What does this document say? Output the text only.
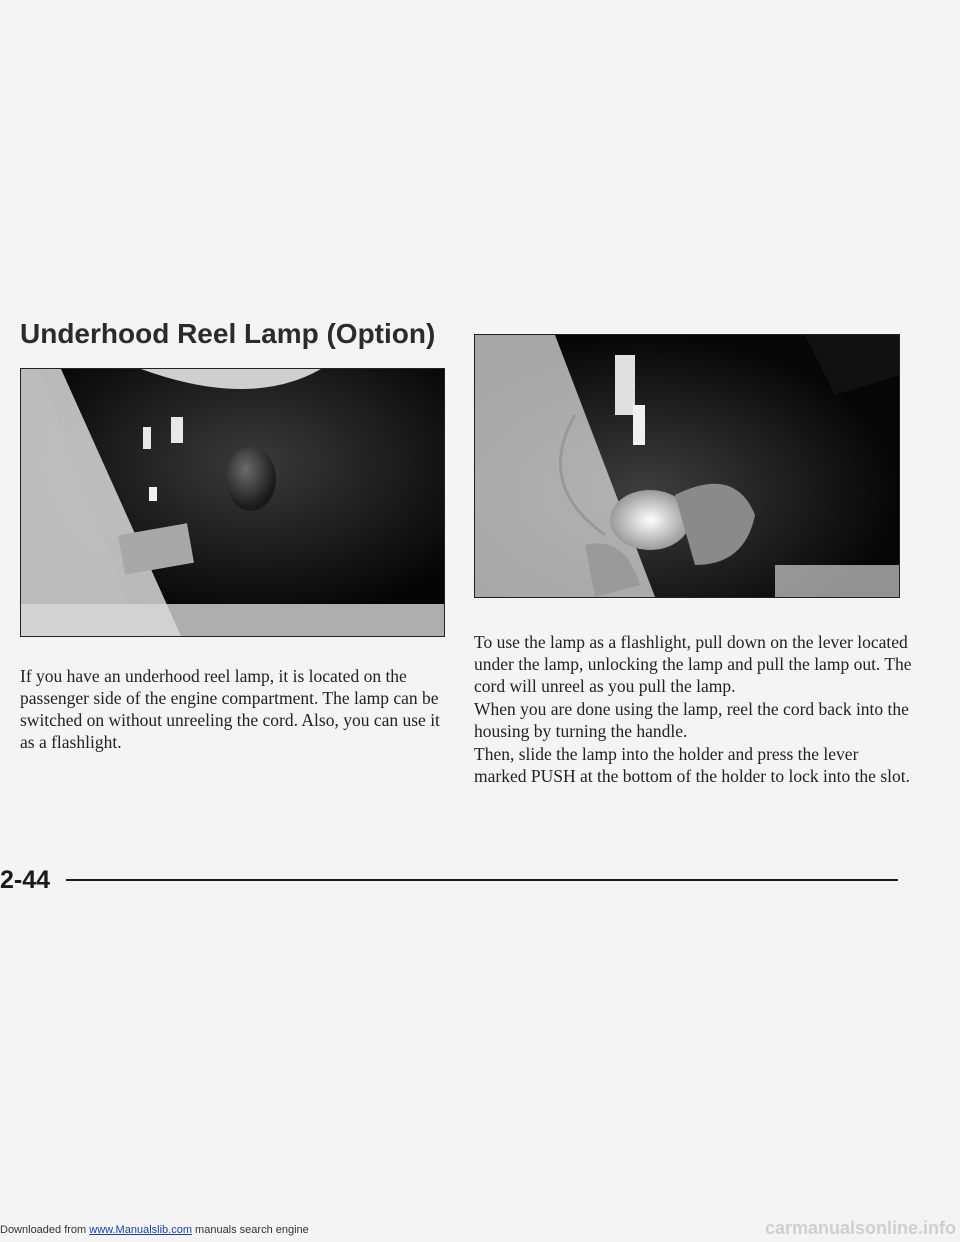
Underhood Reel Lamp (Option)

If you have an underhood reel lamp, it is located on the passenger side of the engine compartment. The lamp can be switched on without unreeling the cord. Also, you can use it as a flashlight.

To use the lamp as a flashlight, pull down on the lever located under the lamp, unlocking the lamp and pull the lamp out. The cord will unreel as you pull the lamp.

When you are done using the lamp, reel the cord back into the housing by turning the handle.

Then, slide the lamp into the holder and press the lever marked PUSH at the bottom of the holder to lock into the slot.

2-44
Downloaded from www.Manualslib.com manuals search engine	carmanualsonline.info
